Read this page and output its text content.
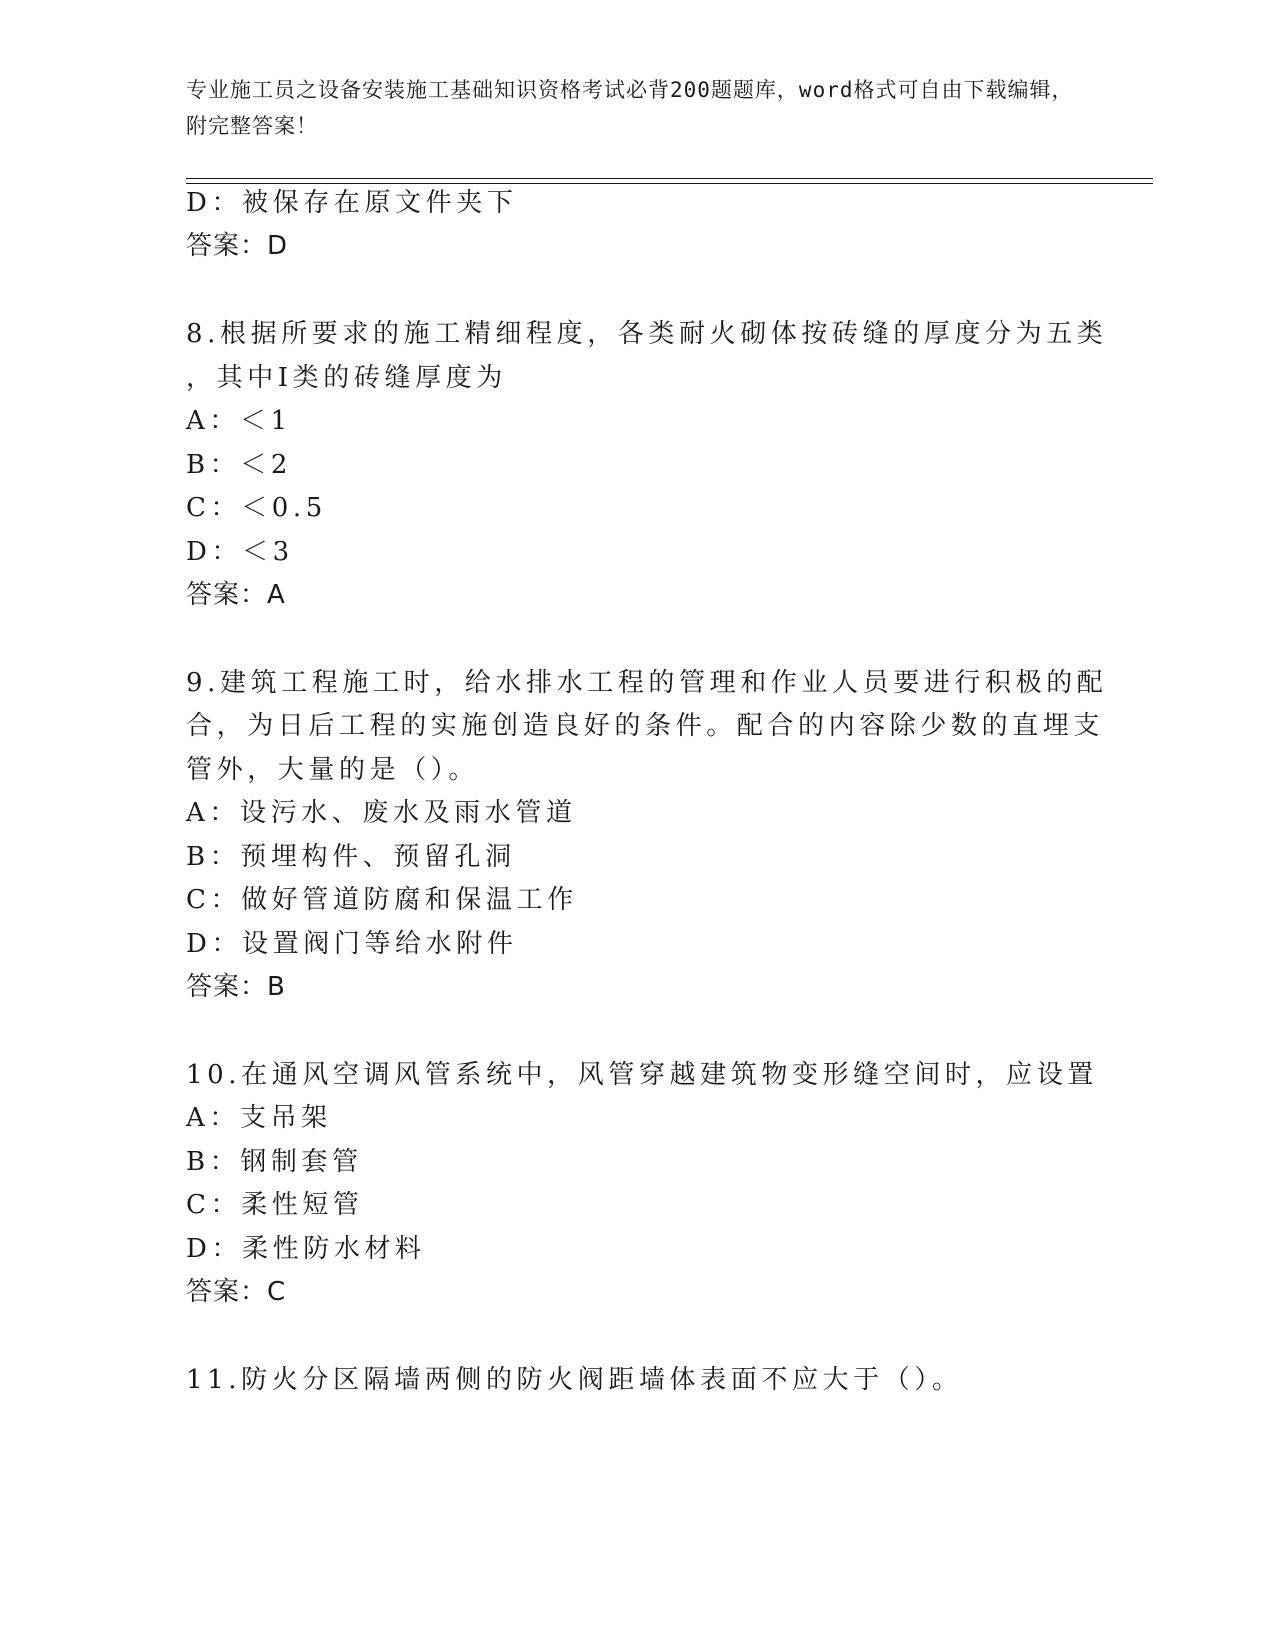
专业施工员之设备安装施工基础知识资格考试必背200题题库，word格式可自由下载编辑，附完整答案！
D：被保存在原文件夹下
答案：D
8.根据所要求的施工精细程度，各类耐火砌体按砖缝的厚度分为五类
，其中Ⅰ类的砖缝厚度为
A：＜1
B：＜2
C：＜0.5
D：＜3
答案：A
9.建筑工程施工时，给水排水工程的管理和作业人员要进行积极的配
合，为日后工程的实施创造良好的条件。配合的内容除少数的直埋支
管外，大量的是（）。
A：设污水、废水及雨水管道
B：预埋构件、预留孔洞
C：做好管道防腐和保温工作
D：设置阀门等给水附件
答案：B
10.在通风空调风管系统中，风管穿越建筑物变形缝空间时，应设置
A：支吊架
B：钢制套管
C：柔性短管
D：柔性防水材料
答案：C
11.防火分区隔墙两侧的防火阀距墙体表面不应大于（）。
